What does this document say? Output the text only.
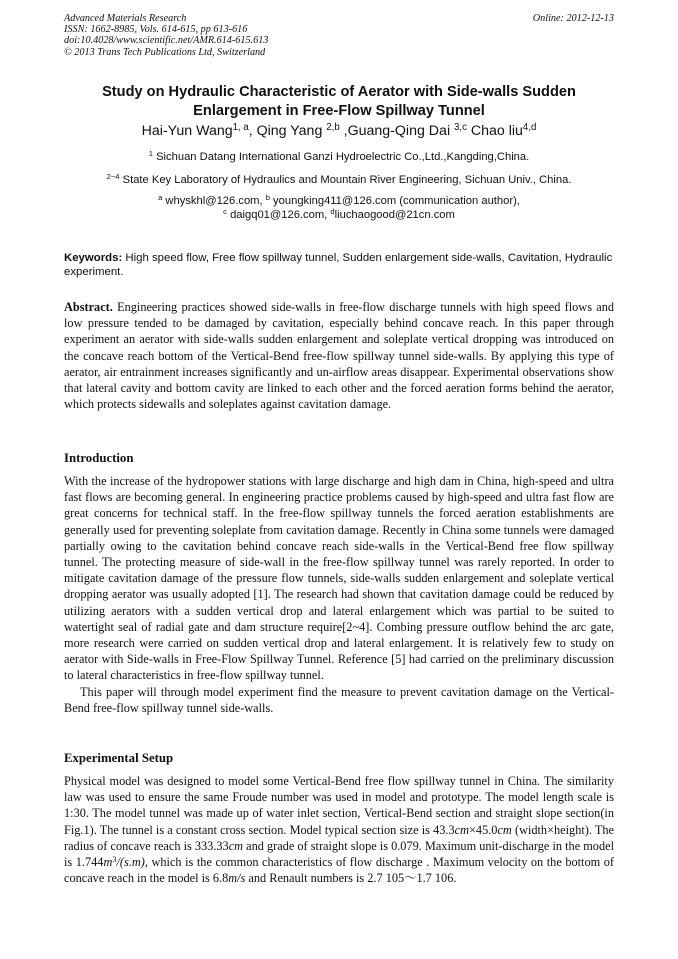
Advanced Materials Research
ISSN: 1662-8985, Vols. 614-615, pp 613-616
doi:10.4028/www.scientific.net/AMR.614-615.613
© 2013 Trans Tech Publications Ltd, Switzerland
Online: 2012-12-13
Study on Hydraulic Characteristic of Aerator with Side-walls Sudden
Enlargement in Free-Flow Spillway Tunnel
Hai-Yun Wang$^{1, a}$, Qing Yang $^{2,b}$ ,Guang-Qing Dai $^{3,c}$ Chao liu$^{4,d}$
$^1$ Sichuan Datang International Ganzi Hydroelectric Co.,Ltd.,Kangding,China.
$^{2\sim 4}$ State Key Laboratory of Hydraulics and Mountain River Engineering, Sichuan Univ., China.
$^a$ whyskhl@126.com, $^b$ youngking411@126.com (communication author),
$^c$ daigq01@126.com, $^d$liuchaogood@21cn.com
Keywords: High speed flow, Free flow spillway tunnel, Sudden enlargement side-walls, Cavitation, Hydraulic experiment.
Abstract. Engineering practices showed side-walls in free-flow discharge tunnels with high speed flows and low pressure tended to be damaged by cavitation, especially behind concave reach. In this paper through experiment an aerator with side-walls sudden enlargement and soleplate vertical dropping was introduced on the concave reach bottom of the Vertical-Bend free-flow spillway tunnel side-walls. By applying this type of aerator, air entrainment increases significantly and un-airflow areas disappear. Experimental observations show that lateral cavity and bottom cavity are linked to each other and the forced aeration forms behind the aerator, which protects sidewalls and soleplates against cavitation damage.
Introduction

With the increase of the hydropower stations with large discharge and high dam in China, high-speed and ultra fast flows are becoming general. In engineering practice problems caused by high-speed and ultra fast flow are great concerns for technical staff. In the free-flow spillway tunnels the forced aeration establishments are generally used for preventing soleplate from cavitation damage. Recently in China some tunnels were damaged partially owing to the cavitation behind concave reach side-walls in the Vertical-Bend free flow spillway tunnel. The protecting measure of side-wall in the free-flow spillway tunnel was rarely reported. In order to mitigate cavitation damage of the pressure flow tunnels, side-walls sudden enlargement and soleplate vertical dropping aerator was usually adopted [1]. The research had shown that cavitation damage could be reduced by utilizing aerators with a sudden vertical drop and lateral enlargement which was partial to be suited to watertight seal of radial gate and dam structure require[2~4]. Combing pressure outflow behind the arc gate, more research were carried on sudden vertical drop and lateral enlargement. It is relatively few to study on aerator with Side-walls in Free-Flow Spillway Tunnel. Reference [5] had carried on the preliminary discussion to lateral characteristics in free-flow spillway tunnel.

This paper will through model experiment find the measure to prevent cavitation damage on the Vertical-Bend free-flow spillway tunnel side-walls.

Experimental Setup

Physical model was designed to model some Vertical-Bend free flow spillway tunnel in China. The similarity law was used to ensure the same Froude number was used in model and prototype. The model length scale is 1:30. The model tunnel was made up of water inlet section, Vertical-Bend section and straight slope section(in Fig.1). The tunnel is a constant cross section. Model typical section size is 43.3cm×45.0cm (width×height). The radius of concave reach is 333.33cm and grade of straight slope is 0.079. Maximum unit-discharge in the model is $1.744m^3/(s.m)$, which is the common characteristics of flow discharge . Maximum velocity on the bottom of concave reach in the model is 6.8m/s and Renault numbers is 2.7 105～1.7 106.
